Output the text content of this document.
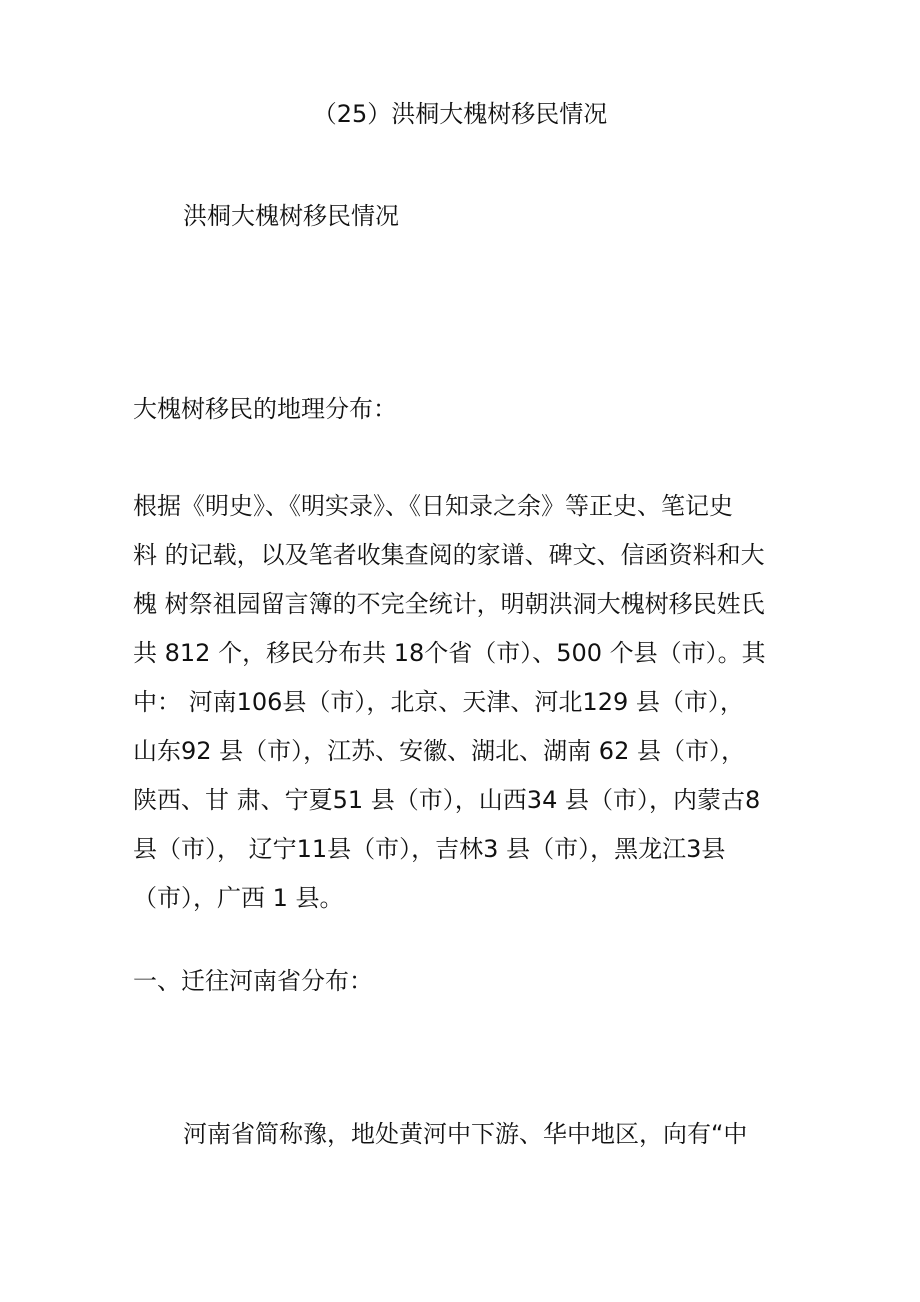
（25）洪桐大槐树移民情况
洪桐大槐树移民情况
大槐树移民的地理分布：
根据《明史》、《明实录》、《日知录之余》等正史、笔记史
料 的记载，以及笔者收集查阅的家谱、碑文、信函资料和大
槐 树祭祖园留言簿的不完全统计，明朝洪洞大槐树移民姓氏
共 812 个，移民分布共 18个省（市）、500 个县（市）。其
中： 河南106县（市），北京、天津、河北129 县（市），
山东92 县（市），江苏、安徽、湖北、湖南 62 县（市），
陕西、甘 肃、宁夏51 县（市），山西34 县（市），内蒙古8
县（市）， 辽宁11县（市），吉林3 县（市），黑龙江3县
（市），广西 1 县。
一、迁往河南省分布：
河南省简称豫，地处黄河中下游、华中地区，向有“中
